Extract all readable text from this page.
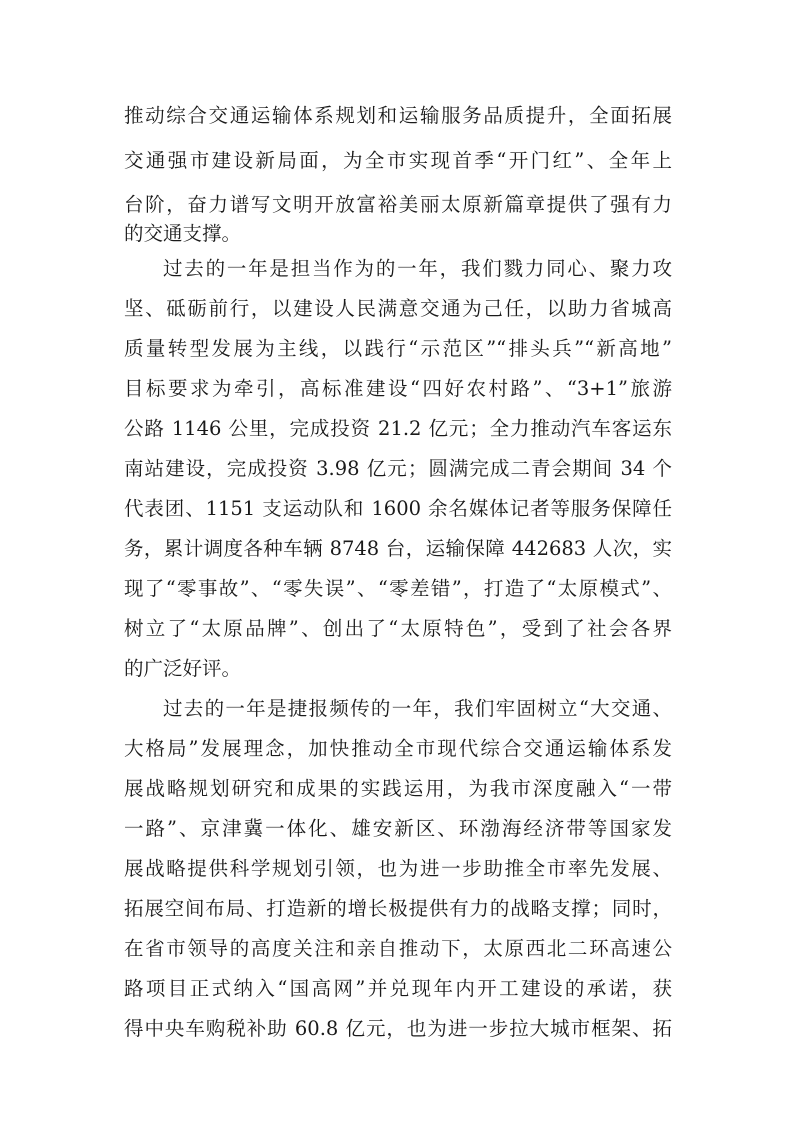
推动综合交通运输体系规划和运输服务品质提升，全面拓展
交通强市建设新局面，为全市实现首季“开门红”、全年上
台阶，奋力谱写文明开放富裕美丽太原新篇章提供了强有力
的交通支撑。
过去的一年是担当作为的一年，我们戮力同心、聚力攻
坚、砥砺前行，以建设人民满意交通为己任，以助力省城高
质量转型发展为主线，以践行“示范区”“排头兵”“新高地”
目标要求为牵引，高标准建设“四好农村路”、“3+1”旅游
公路 1146 公里，完成投资 21.2 亿元；全力推动汽车客运东
南站建设，完成投资 3.98 亿元；圆满完成二青会期间 34 个
代表团、1151 支运动队和 1600 余名媒体记者等服务保障任
务，累计调度各种车辆 8748 台，运输保障 442683 人次，实
现了“零事故”、“零失误”、“零差错”，打造了“太原模式”、
树立了“太原品牌”、创出了“太原特色”，受到了社会各界
的广泛好评。
过去的一年是捷报频传的一年，我们牢固树立“大交通、
大格局”发展理念，加快推动全市现代综合交通运输体系发
展战略规划研究和成果的实践运用，为我市深度融入“一带
一路”、京津冀一体化、雄安新区、环渤海经济带等国家发
展战略提供科学规划引领，也为进一步助推全市率先发展、
拓展空间布局、打造新的增长极提供有力的战略支撑；同时，
在省市领导的高度关注和亲自推动下，太原西北二环高速公
路项目正式纳入“国高网”并兑现年内开工建设的承诺，获
得中央车购税补助 60.8 亿元，也为进一步拉大城市框架、拓
